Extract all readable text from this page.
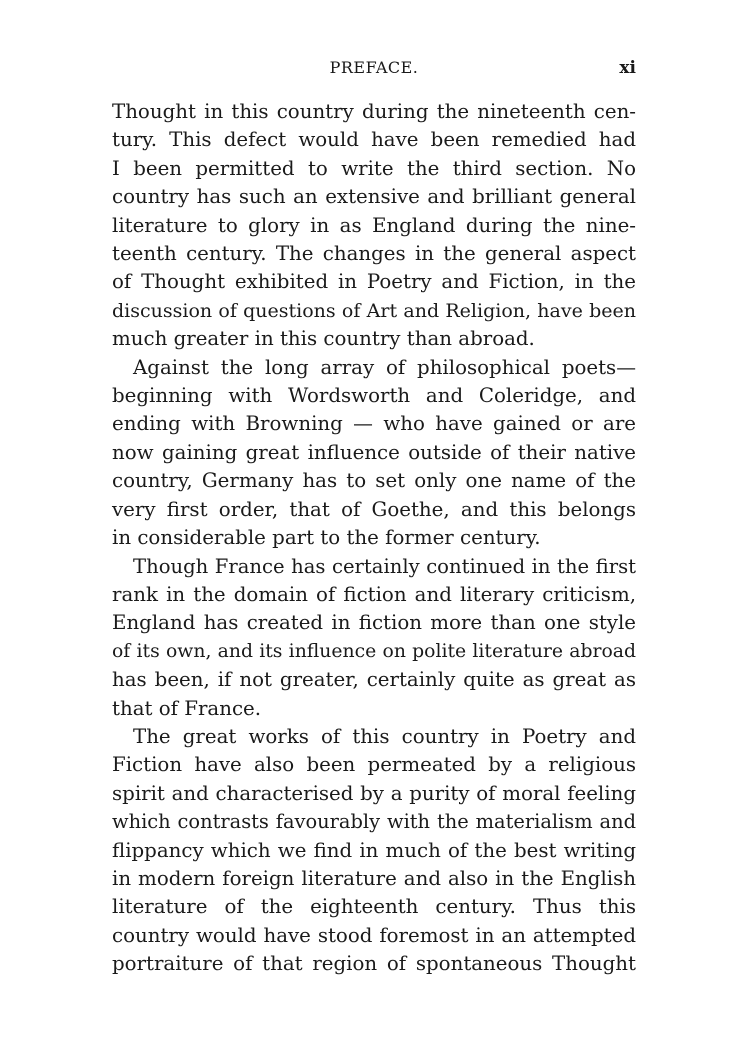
PREFACE.	xi
Thought in this country during the nineteenth cen-
tury. This defect would have been remedied had
I been permitted to write the third section. No
country has such an extensive and brilliant general
literature to glory in as England during the nine-
teenth century. The changes in the general aspect
of Thought exhibited in Poetry and Fiction, in the
discussion of questions of Art and Religion, have been
much greater in this country than abroad.
Against the long array of philosophical poets—
beginning with Wordsworth and Coleridge, and
ending with Browning — who have gained or are
now gaining great influence outside of their native
country, Germany has to set only one name of the
very first order, that of Goethe, and this belongs
in considerable part to the former century.
Though France has certainly continued in the first
rank in the domain of fiction and literary criticism,
England has created in fiction more than one style
of its own, and its influence on polite literature abroad
has been, if not greater, certainly quite as great as
that of France.
The great works of this country in Poetry and
Fiction have also been permeated by a religious
spirit and characterised by a purity of moral feeling
which contrasts favourably with the materialism and
flippancy which we find in much of the best writing
in modern foreign literature and also in the English
literature of the eighteenth century. Thus this
country would have stood foremost in an attempted
portraiture of that region of spontaneous Thought
